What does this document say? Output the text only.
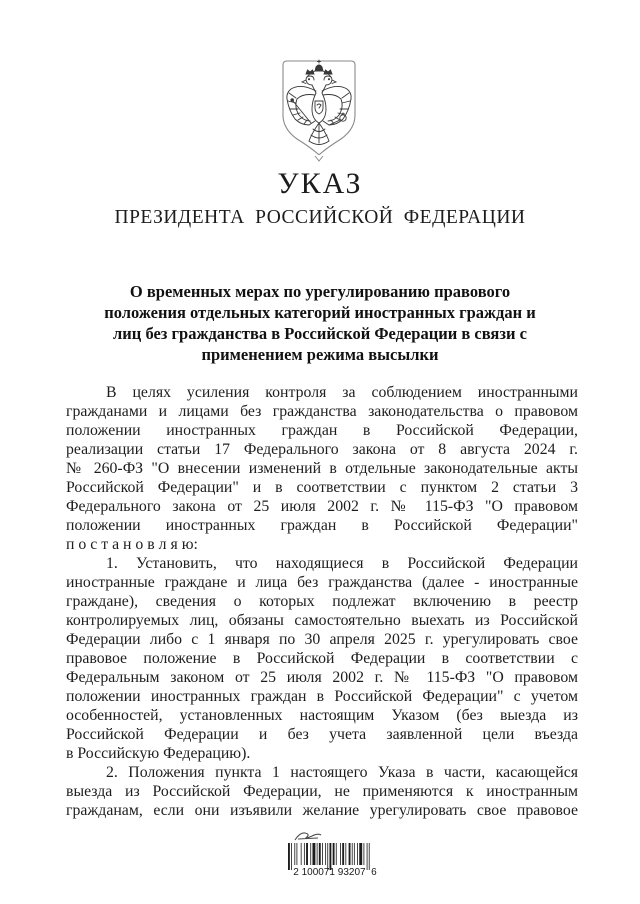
УКАЗ
ПРЕЗИДЕНТА РОССИЙСКОЙ ФЕДЕРАЦИИ
О временных мерах по урегулированию правового
положения отдельных категорий иностранных граждан и
лиц без гражданства в Российской Федерации в связи с
применением режима высылки
В целях усиления контроля за соблюдением иностранными
гражданами и лицами без гражданства законодательства о правовом
положении иностранных граждан в Российской Федерации,
реализации статьи 17 Федерального закона от 8 августа 2024 г.
№ 260-ФЗ "О внесении изменений в отдельные законодательные акты
Российской Федерации" и в соответствии с пунктом 2 статьи 3
Федерального закона от 25 июля 2002 г. № 115-ФЗ "О правовом
положении иностранных граждан в Российской Федерации"
п о с т а н о в л я ю:
1. Установить, что находящиеся в Российской Федерации
иностранные граждане и лица без гражданства (далее - иностранные
граждане), сведения о которых подлежат включению в реестр
контролируемых лиц, обязаны самостоятельно выехать из Российской
Федерации либо с 1 января по 30 апреля 2025 г. урегулировать свое
правовое положение в Российской Федерации в соответствии с
Федеральным законом от 25 июля 2002 г. № 115-ФЗ "О правовом
положении иностранных граждан в Российской Федерации" с учетом
особенностей, установленных настоящим Указом (без выезда из
Российской Федерации и без учета заявленной цели въезда
в Российскую Федерацию).
2. Положения пункта 1 настоящего Указа в части, касающейся
выезда из Российской Федерации, не применяются к иностранным
гражданам, если они изъявили желание урегулировать свое правовое
2 100071 93207  6
